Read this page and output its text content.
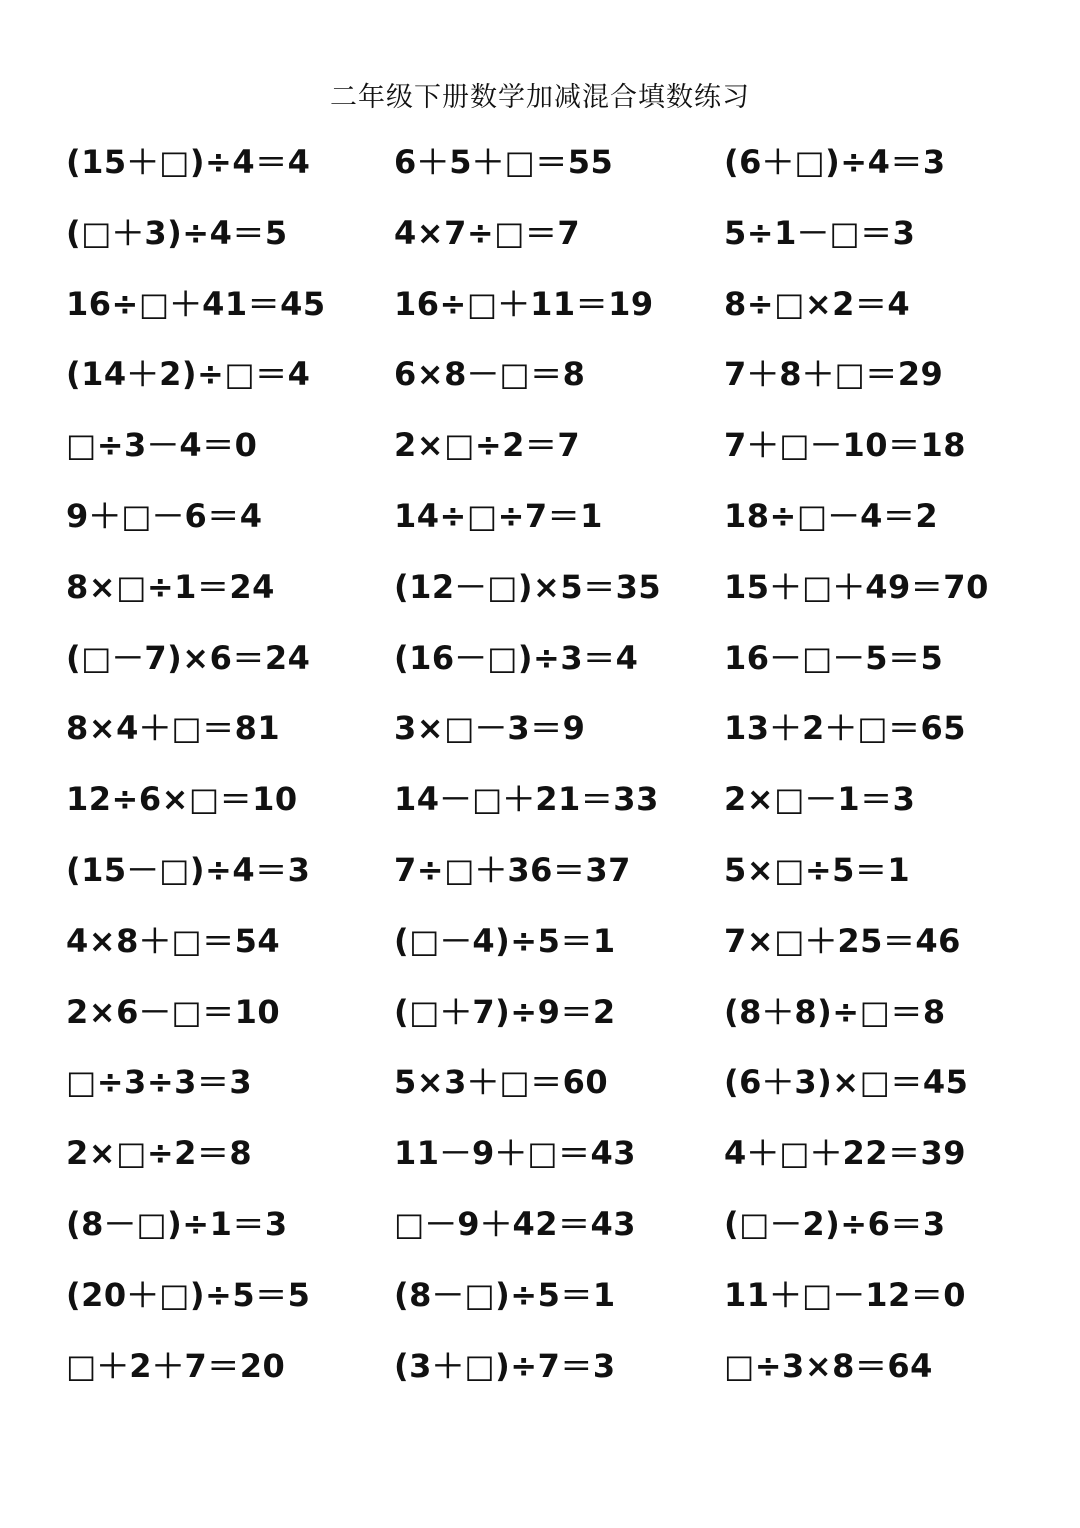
二年级下册数学加减混合填数练习
(15＋□)÷4＝4
(□＋3)÷4＝5
16÷□＋41＝45
(14＋2)÷□＝4
□÷3－4＝0
9＋□－6＝4
8×□÷1＝24
(□－7)×6＝24
8×4＋□＝81
12÷6×□＝10
(15－□)÷4＝3
4×8＋□＝54
2×6－□＝10
□÷3÷3＝3
2×□÷2＝8
(8－□)÷1＝3
(20＋□)÷5＝5
□＋2＋7＝20
6＋5＋□＝55
4×7÷□＝7
16÷□＋11＝19
6×8－□＝8
2×□÷2＝7
14÷□÷7＝1
(12－□)×5＝35
(16－□)÷3＝4
3×□－3＝9
14－□＋21＝33
7÷□＋36＝37
(□－4)÷5＝1
(□＋7)÷9＝2
5×3＋□＝60
11－9＋□＝43
□－9＋42＝43
(8－□)÷5＝1
(3＋□)÷7＝3
(6＋□)÷4＝3
5÷1－□＝3
8÷□×2＝4
7＋8＋□＝29
7＋□－10＝18
18÷□－4＝2
15＋□＋49＝70
16－□－5＝5
13＋2＋□＝65
2×□－1＝3
5×□÷5＝1
7×□＋25＝46
(8＋8)÷□＝8
(6＋3)×□＝45
4＋□＋22＝39
(□－2)÷6＝3
11＋□－12＝0
□÷3×8＝64
